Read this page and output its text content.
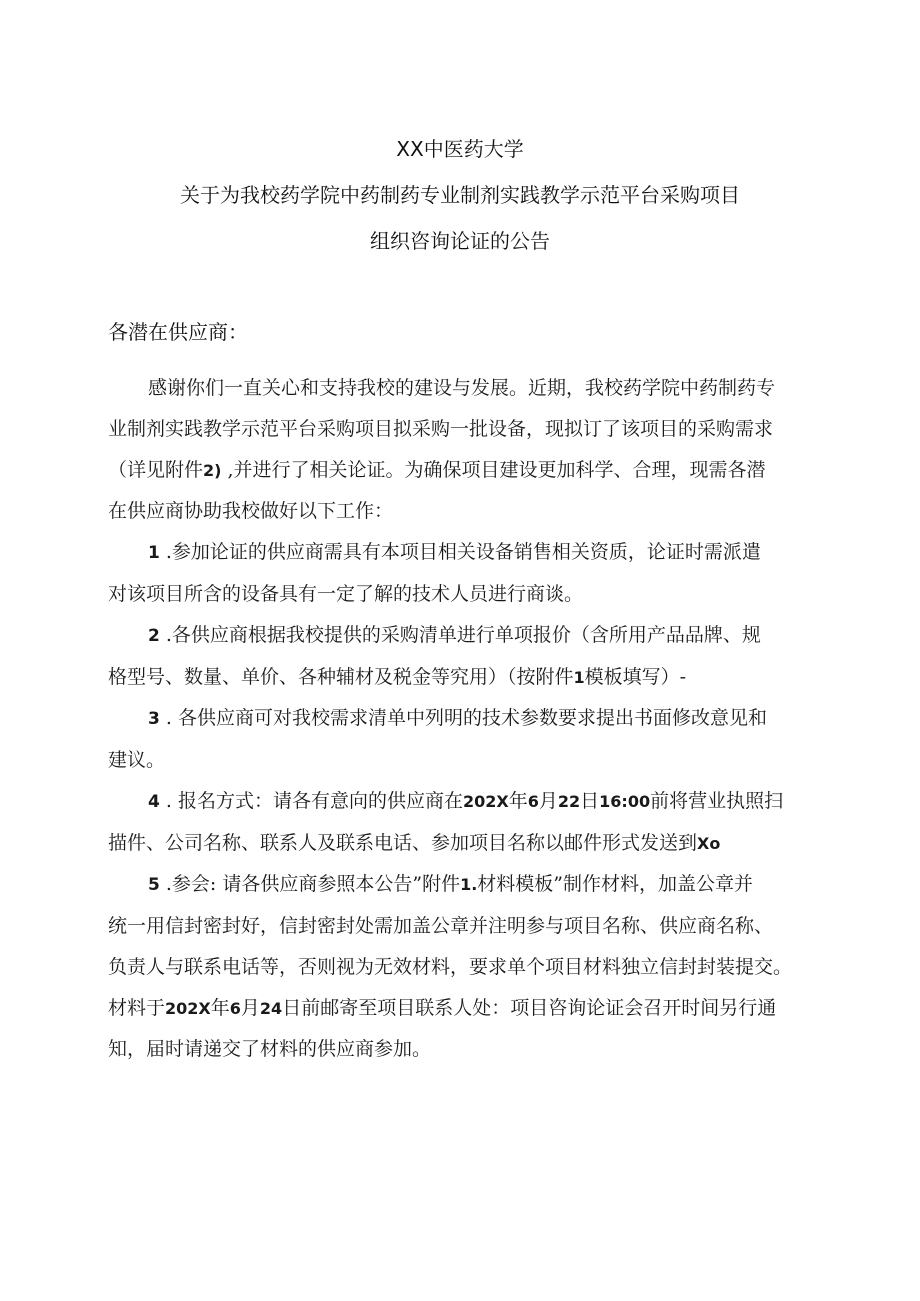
XX中医药大学
关于为我校药学院中药制药专业制剂实践教学示范平台采购项目
组织咨询论证的公告
各潜在供应商：

感谢你们一直关心和支持我校的建设与发展。近期，我校药学院中药制药专
业制剂实践教学示范平台采购项目拟采购一批设备，现拟订了该项目的采购需求
（详见附件2) ,并进行了相关论证。为确保项目建设更加科学、合理，现需各潜
在供应商协助我校做好以下工作：

1 .参加论证的供应商需具有本项目相关设备销售相关资质，论证时需派遣
对该项目所含的设备具有一定了解的技术人员进行商谈。

2 .各供应商根据我校提供的采购清单进行单项报价（含所用产品品牌、规
格型号、数量、单价、各种辅材及税金等究用）（按附件1模板填写）-

3 . 各供应商可对我校需求清单中列明的技术参数要求提出书面修改意见和
建议。

4 . 报名方式：请各有意向的供应商在202X年6月22日16:00前将营业执照扫
描件、公司名称、联系人及联系电话、参加项目名称以邮件形式发送到Xo

5 .参会: 请各供应商参照本公告”附件1.材料模板”制作材料，加盖公章并
统一用信封密封好，信封密封处需加盖公章并注明参与项目名称、供应商名称、
负责人与联系电话等，否则视为无效材料，要求单个项目材料独立信封封装提交。
材料于202X年6月24日前邮寄至项目联系人处：项目咨询论证会召开时间另行通
知，届时请递交了材料的供应商参加。
